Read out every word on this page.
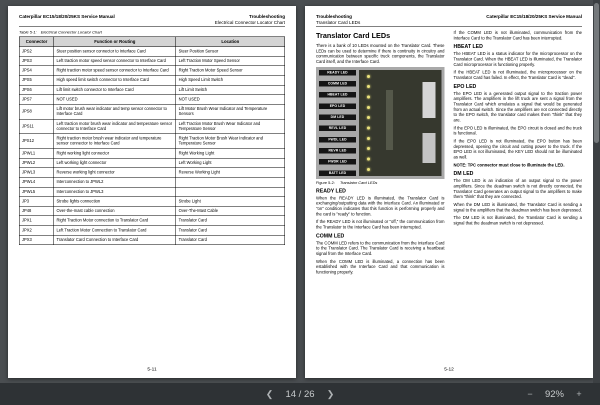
Caterpillar EC15/18/20/25KS Service Manual	Troubleshooting
Electrical Connector Locator Chart
Table 5-1: Electrical Connector Locator Chart
Connector	Function or Routing	Location
JPS2	Steer position sensor connector to Interface Card	Steer Position Sensor
JPS3	Left traction motor speed sensor connector to Interface Card	Left Traction Motor Speed Sensor
JPS4	Right traction motor speed sensor connector to Interface Card	Right Traction Motor Speed Sensor
JPS5	High speed limit switch connector to Interface Card	High Speed Limit Switch
JPS6	Lift limit switch connector to Interface Card	Lift Limit Switch
JPS7	NOT USED	NOT USED
JPS8	Lift motor brush wear indicator and temp sensor connector to Interface Card	Lift Motor Brush Wear Indicator and Temperature Sensors
JPS11	Left traction motor brush wear indicator and temperature sensor connector to Interface Card	Left Traction Motor Brush Wear Indicator and Temperature Sensor
JPS12	Right traction motor brush wear indicator and temperature sensor connector to Interface Card	Right Traction Motor Brush Wear Indicator and Temperature Sensor
JPWL1	Right working light connector	Right Working Light
JPWL2	Left working light connector	Left Working Light
JPWL3	Reverse working light connector	Reverse Working Light
JPWL4	Interconnection to JPWL2	
JPWL5	Interconnection to JPWL3	
JP3	Strobe lights connection	Strobe Light
JP48	Over-the-mast cable connection	Over-The-Mast Cable
JPX1	Right Traction Motor connection to Translator Card	Translator Card
JPX2	Left Traction Motor Connection to Translator Card	Translator Card
JPX3	Translator Card Connection to Interface Card	Translator Card
5-11
Troubleshooting	Caterpillar EC15/18/20/25KS Service Manual
Translator Card LEDs
Translator Card LEDs

There is a bank of 10 LEDs mounted on the Translator Card. These LEDs can be used to determine if there is continuity in circuitry and communication between specific truck components, the Translator Card itself, and the Interface Card.

READY LED
COMM LED
HBEAT LED
EPO LED
DM LED
REVL LED
FWDL LED
REVR LED
FWDR LED
BATT LED
Figure 5-2: Translator Card LEDs
READY LED

When the READY LED is illuminated, the Translator Card is exchanging/outputting data with the Interface Card. An illuminated or "on" condition indicates that this function is performing properly and the card is "ready" to function.

If the READY LED is not illuminated or "off," the communication from the Translator to the Interface Card has been interrupted.

COMM LED

The COMM LED refers to the communication from the Interface Card to the Translator Card. The Translator Card is receiving a heartbeat signal from the Interface Card.

When the COMM LED is illuminated, a connection has been established with the Interface Card and that communication is functioning properly.

If the COMM LED is not illuminated, communication from the Interface Card to the Translator Card has been interrupted.

HBEAT LED

The HBEAT LED is a status indicator for the microprocessor on the Translator Card. When the HBEAT LED is illuminated, the Translator Card microprocessor is functioning properly.

If the HBEAT LED is not illuminated, the microprocessor on the Translator Card has failed. In effect, the Translator Card is "dead".

EPO LED

The EPO LED is a generated output signal to the traction power amplifiers. The amplifiers in the lift truck are sent a signal from the Translator Card which emulates a signal that would be generated from an actual switch. Since the amplifiers are not connected directly to the EPO switch, the translator card makes them "think" that they are.

If the EPO LED is illuminated, the EPO circuit is closed and the truck is functional.

If the EPO LED is not illuminated, the EPO button has been depressed, opening the circuit and cutting power to the truck. If the EPO LED is not illuminated, the KEY LED should not be illuminated as well.

NOTE: TPC connector must close to illuminate the LED.

DM LED

The DM LED is an indication of an output signal to the power amplifiers. Since the deadman switch is not directly connected, the Translator Card generates an output signal to the amplifiers to make them "think" that they are connected.

When the DM LED is illuminated, the Translator Card is sending a signal to the amplifiers that the deadman switch has been depressed.

The DM LED is not illuminated, the Translator Card is sending a signal that the deadman switch is not depressed.

5-12
❮	14 / 26	❯	−	92%	+
